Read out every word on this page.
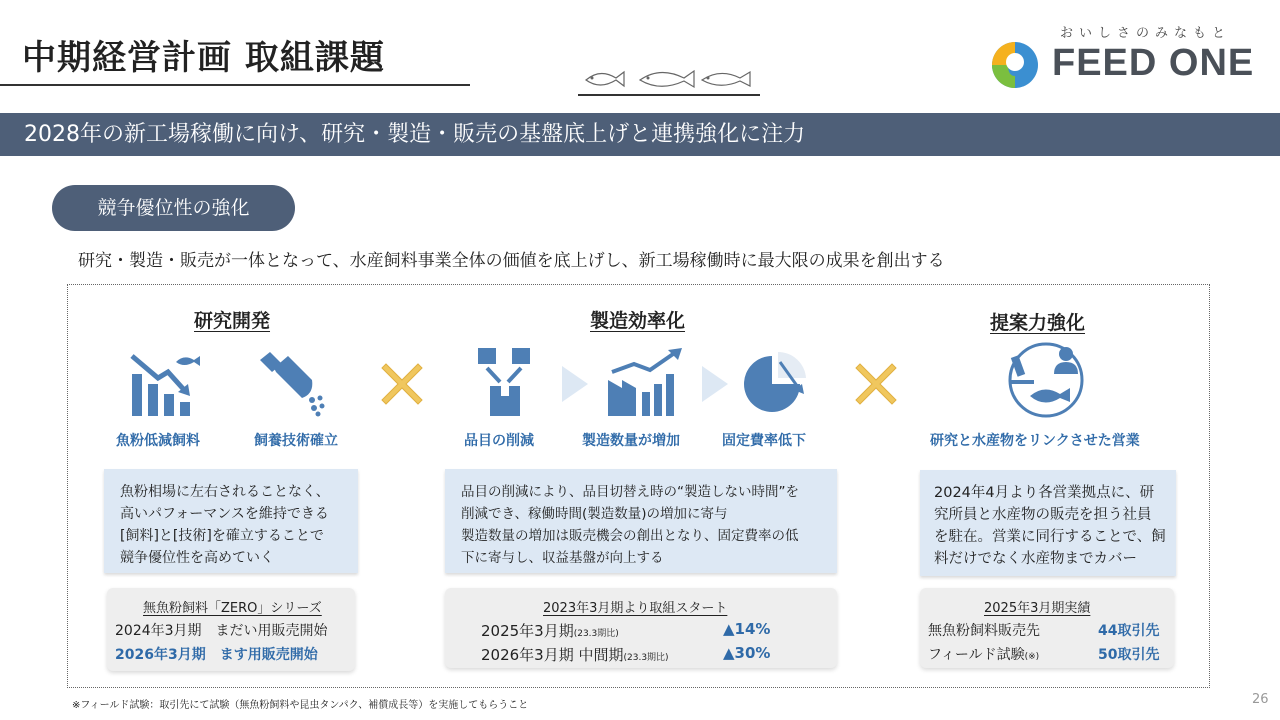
中期経営計画 取組課題
おいしさのみなもと
FEED ONE
2028年の新工場稼働に向け、研究・製造・販売の基盤底上げと連携強化に注力
競争優位性の強化
研究・製造・販売が一体となって、水産飼料事業全体の価値を底上げし、新工場稼働時に最大限の成果を創出する
研究開発
魚粉低減飼料	飼養技術確立
魚粉相場に左右されることなく、
高いパフォーマンスを維持できる
[飼料]と[技術]を確立することで
競争優位性を高めていく
無魚粉飼料「ZERO」シリーズ
2024年3月期　まだい用販売開始
2026年3月期　ます用販売開始
製造効率化
品目の削減	製造数量が増加	固定費率低下
品目の削減により、品目切替え時の“製造しない時間”を
削減でき、稼働時間(製造数量)の増加に寄与
製造数量の増加は販売機会の創出となり、固定費率の低
下に寄与し、収益基盤が向上する
2023年3月期より取組スタート
2025年3月期(23.3期比)	▲14%
2026年3月期 中間期(23.3期比)	▲30%
提案力強化
研究と水産物をリンクさせた営業
2024年4月より各営業拠点に、研
究所員と水産物の販売を担う社員
を駐在。営業に同行することで、飼
料だけでなく水産物までカバー
2025年3月期実績
無魚粉飼料販売先	44取引先
フィールド試験(※)	50取引先
※フィールド試験：取引先にて試験（無魚粉飼料や昆虫タンパク、補償成長等）を実施してもらうこと	26
